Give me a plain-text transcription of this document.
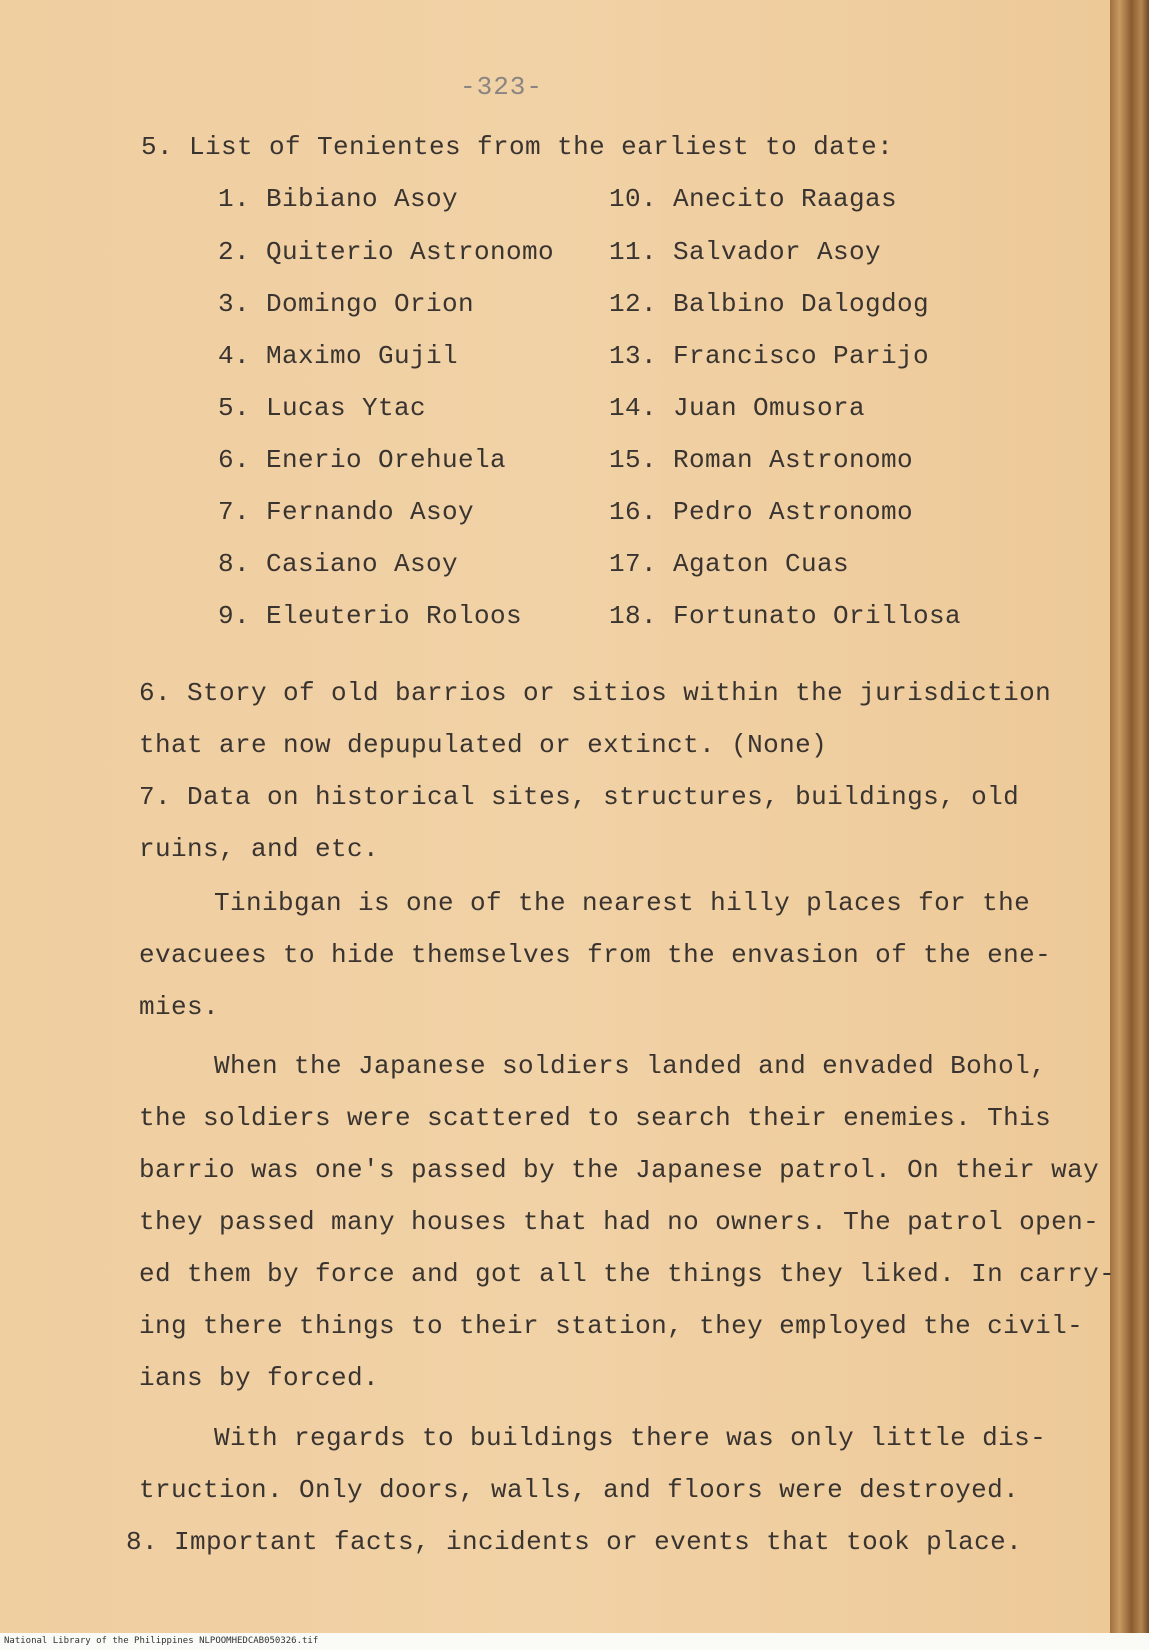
-323-
5. List of Tenientes from the earliest to date:
1. Bibiano Asoy
2. Quiterio Astronomo
3. Domingo Orion
4. Maximo Gujil
5. Lucas Ytac
6. Enerio Orehuela
7. Fernando Asoy
8. Casiano Asoy
9. Eleuterio Roloos
10. Anecito Raagas
11. Salvador Asoy
12. Balbino Dalogdog
13. Francisco Parijo
14. Juan Omusora
15. Roman Astronomo
16. Pedro Astronomo
17. Agaton Cuas
18. Fortunato Orillosa
6. Story of old barrios or sitios within the jurisdiction
that are now depupulated or extinct. (None)
7. Data on historical sites, structures, buildings, old
ruins, and etc.
Tinibgan is one of the nearest hilly places for the
evacuees to hide themselves from the envasion of the ene-
mies.
When the Japanese soldiers landed and envaded Bohol,
the soldiers were scattered to search their enemies. This
barrio was one's passed by the Japanese patrol. On their way
they passed many houses that had no owners. The patrol open-
ed them by force and got all the things they liked. In carry-
ing there things to their station, they employed the civil-
ians by forced.
With regards to buildings there was only little dis-
truction. Only doors, walls, and floors were destroyed.
8. Important facts, incidents or events that took place.
National Library of the Philippines NLPOOMHEDCAB050326.tif
